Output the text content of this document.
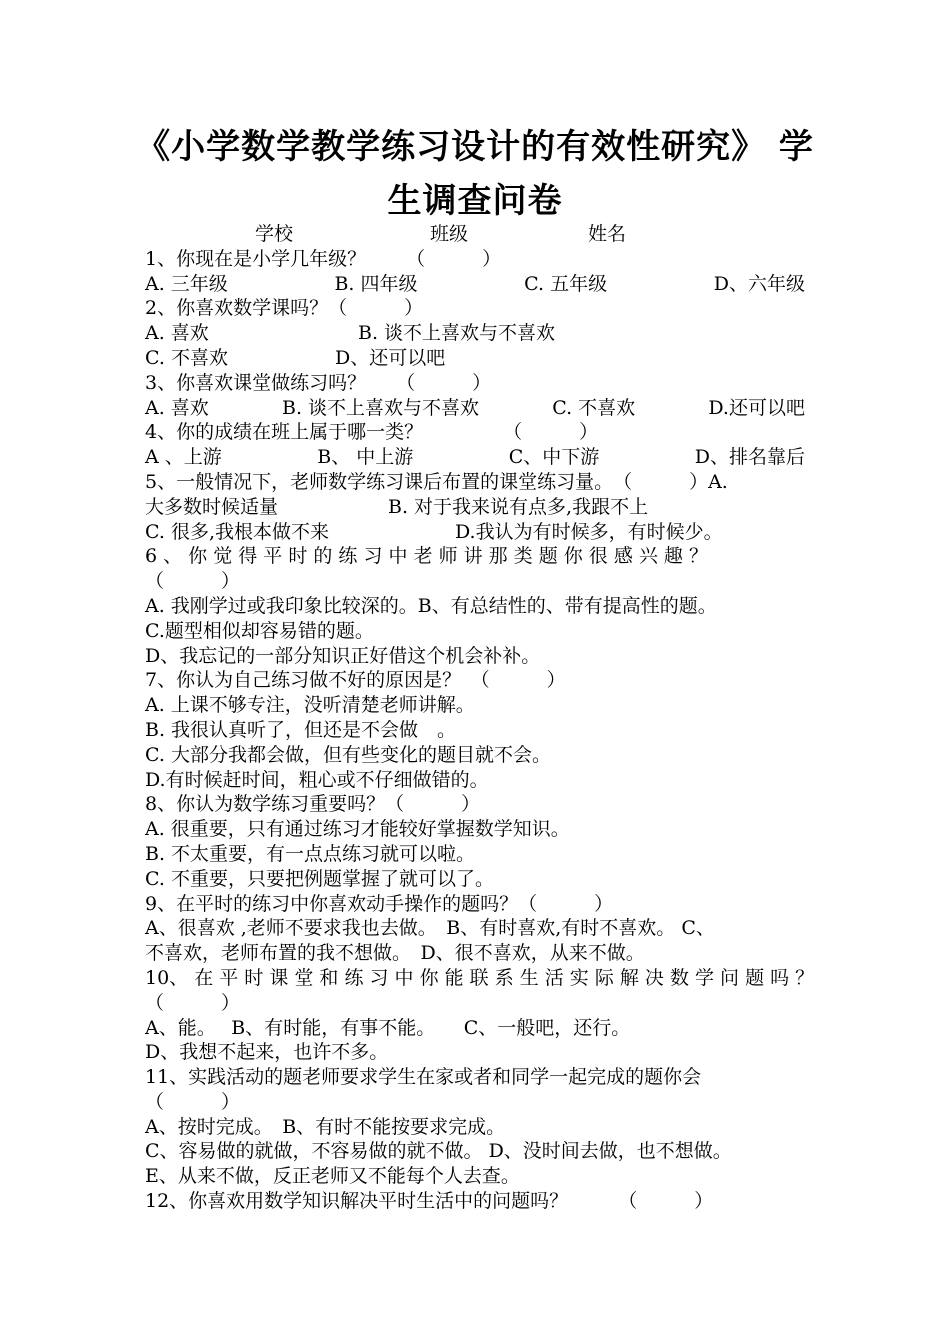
《小学数学教学练习设计的有效性研究》 学
生调查问卷
学校	班级	姓名
1、你现在是小学几年级？ （　　　）
A. 三年级	B. 四年级	C. 五年级	D、六年级
2、你喜欢数学课吗？（　　　）
A. 喜欢	B. 谈不上喜欢与不喜欢
C. 不喜欢	D、还可以吧
3、你喜欢课堂做练习吗？ （　　　）
A. 喜欢	B. 谈不上喜欢与不喜欢	C. 不喜欢	D.还可以吧
4、你的成绩在班上属于哪一类？	（　　　）
A 、上游	B、 中上游	C、中下游	D、排名靠后
5、一般情况下，老师数学练习课后布置的课堂练习量。　（　　　）A.
大多数时候适量	B. 对于我来说有点多,我跟不上
C. 很多,我根本做不来	D.我认为有时候多，有时候少。
6 、 你 觉 得 平 时 的 练 习 中 老 师 讲 那 类 题 你 很 感 兴 趣 ？
（　　　）
A. 我刚学过或我印象比较深的。B、有总结性的、带有提高性的题。
C.题型相似却容易错的题。
D、我忘记的一部分知识正好借这个机会补补。
7、你认为自己练习做不好的原因是？　（　　　）
A. 上课不够专注，没听清楚老师讲解。
B. 我很认真听了，但还是不会做　。
C. 大部分我都会做，但有些变化的题目就不会。
D.有时候赶时间，粗心或不仔细做错的。
8、你认为数学练习重要吗？（　　　）
A. 很重要，只有通过练习才能较好掌握数学知识。
B. 不太重要，有一点点练习就可以啦。
C. 不重要，只要把例题掌握了就可以了。
9、在平时的练习中你喜欢动手操作的题吗？（　　　）
A、很喜欢 ,老师不要求我也去做。　B、有时喜欢,有时不喜欢。 C、
不喜欢，老师布置的我不想做。　D、很不喜欢，从来不做。
10、 在 平 时 课 堂 和 练 习 中 你 能 联 系 生 活 实 际 解 决 数 学 问 题 吗 ？
（　　　）
A、能。　 B、有时能，有事不能。　　C、一般吧，还行。
D、我想不起来，也许不多。
11、实践活动的题老师要求学生在家或者和同学一起完成的题你会
（　　　）
A、按时完成。　B、有时不能按要求完成。
C、容易做的就做，不容易做的就不做。 D、没时间去做，也不想做。
E、从来不做，反正老师又不能每个人去查。
12、你喜欢用数学知识解决平时生活中的问题吗？	（　　　）
